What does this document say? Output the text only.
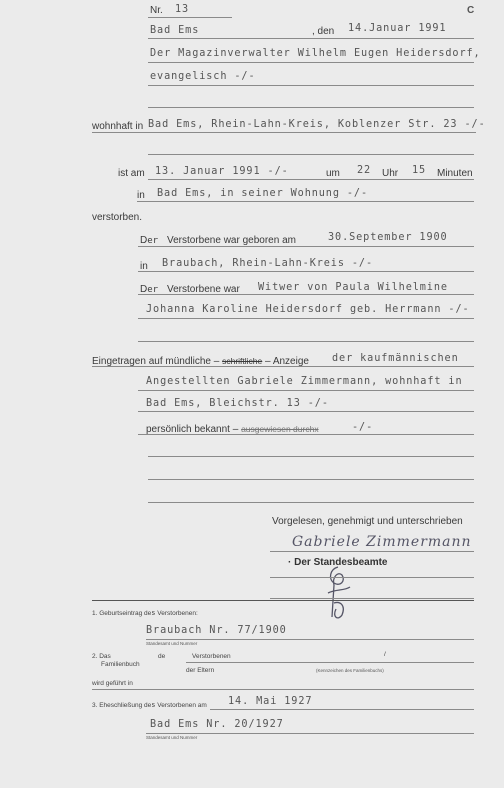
Nr. 13	C
Bad Ems	, den 14.Januar 1991
Der Magazinverwalter Wilhelm Eugen Heidersdorf,
evangelisch -/-
wohnhaft in Bad Ems, Rhein-Lahn-Kreis, Koblenzer Str. 23 -/-
ist am 13. Januar 1991 -/-	um 22 Uhr 15 Minuten
in Bad Ems, in seiner Wohnung -/-
verstorben.
Der Verstorbene war geboren am	30.September 1900
in Braubach, Rhein-Lahn-Kreis -/-
Der Verstorbene war Witwer von Paula Wilhelmine
Johanna Karoline Heidersdorf geb. Herrmann -/-
Eingetragen auf mündliche – schriftliche – Anzeige der kaufmännischen
Angestellten Gabriele Zimmermann, wohnhaft in
Bad Ems, Bleichstr. 13 -/-
persönlich bekannt – ausgewiesen durchx	-/-
Vorgelesen, genehmigt und unterschrieben
Gabriele Zimmermann
· Der Standesbeamte
1. Geburtseintrag des Verstorbenen:
Braubach Nr. 77/1900
Standesamt und Nummer
2. Das	de	Verstorbenen	/
Familienbuch
der Eltern	(Kennzeichen des Familienbuchs)
wird geführt in
3. Eheschließung des Verstorbenen am 14. Mai 1927
Bad Ems Nr. 20/1927
Standesamt und Nummer
